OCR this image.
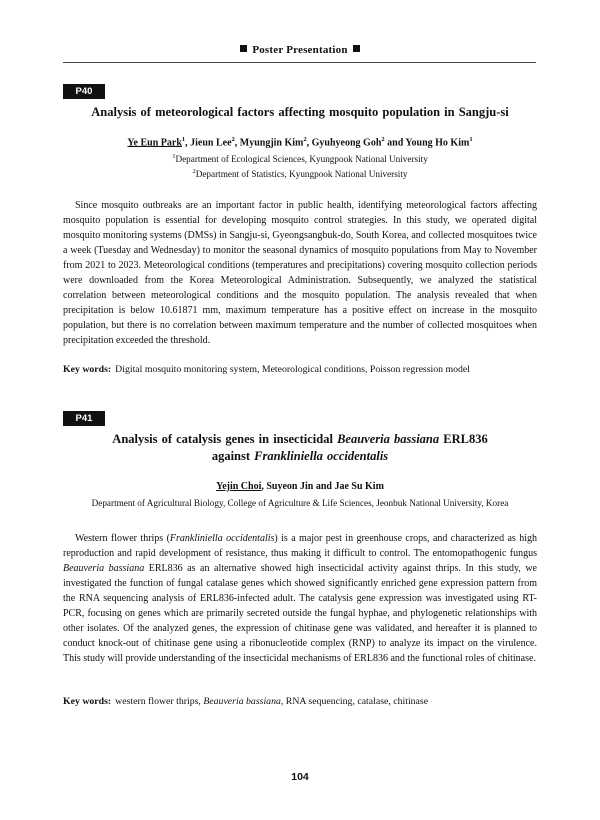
Poster Presentation
P40
Analysis of meteorological factors affecting mosquito population in Sangju-si
Ye Eun Park$^1$, Jieun Lee$^2$, Myungjin Kim$^2$, Gyuhyeong Goh$^2$ and Young Ho Kim$^1$
$^1$Department of Ecological Sciences, Kyungpook National University
$^2$Department of Statistics, Kyungpook National University

Since mosquito outbreaks are an important factor in public health, identifying meteorological factors affecting mosquito population is essential for developing mosquito control strategies. In this study, we operated digital mosquito monitoring systems (DMSs) in Sangju-si, Gyeongsangbuk-do, South Korea, and collected mosquitoes twice a week (Tuesday and Wednesday) to monitor the seasonal dynamics of mosquito populations from May to November from 2021 to 2023. Meteorological conditions (temperatures and precipitations) covering mosquito collection periods were downloaded from the Korea Meteorological Administration. Subsequently, we analyzed the statistical correlation between meteorological conditions and the mosquito population. The analysis revealed that when precipitation is below 10.61871 mm, maximum temperature has a positive effect on increase in the mosquito population, but there is no correlation between maximum temperature and the number of collected mosquitoes when precipitation exceeded the threshold.

Key words: Digital mosquito monitoring system, Meteorological conditions, Poisson regression model
P41
Analysis of catalysis genes in insecticidal Beauveria bassiana ERL836
against Frankliniella occidentalis
Yejin Choi, Suyeon Jin and Jae Su Kim
Department of Agricultural Biology, College of Agriculture & Life Sciences, Jeonbuk National University, Korea

Western flower thrips (Frankliniella occidentalis) is a major pest in greenhouse crops, and characterized as high reproduction and rapid development of resistance, thus making it difficult to control. The entomopathogenic fungus Beauveria bassiana ERL836 as an alternative showed high insecticidal activity against thrips. In this study, we investigated the function of fungal catalase genes which showed significantly enriched gene expression pattern from the RNA sequencing analysis of ERL836-infected adult. The catalysis gene expression was investigated using RT-PCR, focusing on genes which are primarily secreted outside the fungal hyphae, and phylogenetic relationships with other isolates. Of the analyzed genes, the expression of chitinase gene was validated, and hereafter it is planned to conduct knock-out of chitinase gene using a ribonucleotide complex (RNP) to analyze its impact on the virulence. This study will provide understanding of the insecticidal mechanisms of ERL836 and the functional roles of chitinase.

Key words: western flower thrips, Beauveria bassiana, RNA sequencing, catalase, chitinase
104
